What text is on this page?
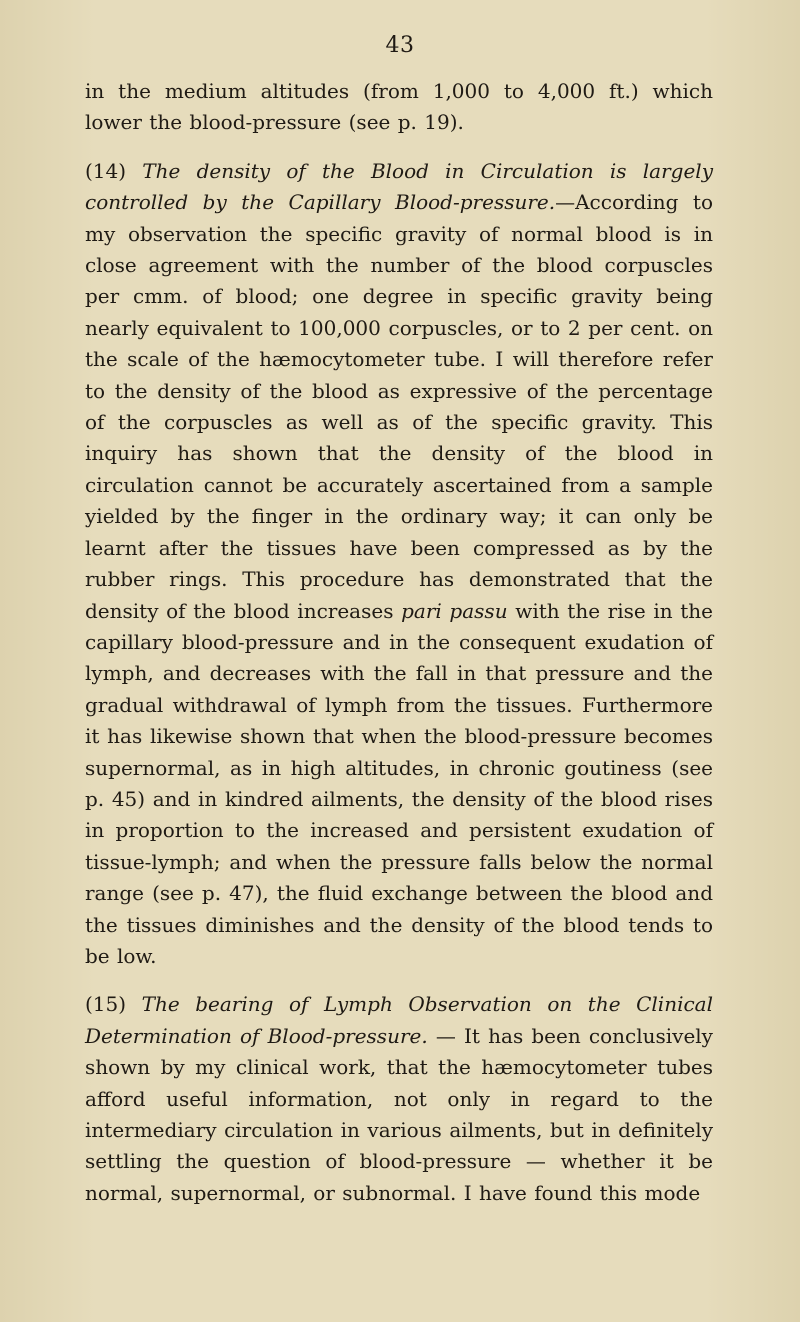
43

in the medium altitudes (from 1,000 to 4,000 ft.) which lower the blood-pressure (see p. 19).

(14) The density of the Blood in Circulation is largely controlled by the Capillary Blood-pressure.—According to my observation the specific gravity of normal blood is in close agreement with the number of the blood corpuscles per cmm. of blood; one degree in specific gravity being nearly equivalent to 100,000 corpuscles, or to 2 per cent. on the scale of the hæmocytometer tube. I will therefore refer to the density of the blood as expressive of the percentage of the corpuscles as well as of the specific gravity. This inquiry has shown that the density of the blood in circulation cannot be accurately ascertained from a sample yielded by the finger in the ordinary way; it can only be learnt after the tissues have been compressed as by the rubber rings. This procedure has demonstrated that the density of the blood increases pari passu with the rise in the capillary blood-pressure and in the consequent exudation of lymph, and decreases with the fall in that pressure and the gradual withdrawal of lymph from the tissues. Furthermore it has likewise shown that when the blood-pressure becomes supernormal, as in high altitudes, in chronic goutiness (see p. 45) and in kindred ailments, the density of the blood rises in proportion to the increased and persistent exudation of tissue-lymph; and when the pressure falls below the normal range (see p. 47), the fluid exchange between the blood and the tissues diminishes and the density of the blood tends to be low.

(15) The bearing of Lymph Observation on the Clinical Determination of Blood-pressure. — It has been conclusively shown by my clinical work, that the hæmocytometer tubes afford useful information, not only in regard to the intermediary circulation in various ailments, but in definitely settling the question of blood-pressure — whether it be normal, supernormal, or subnormal. I have found this mode
